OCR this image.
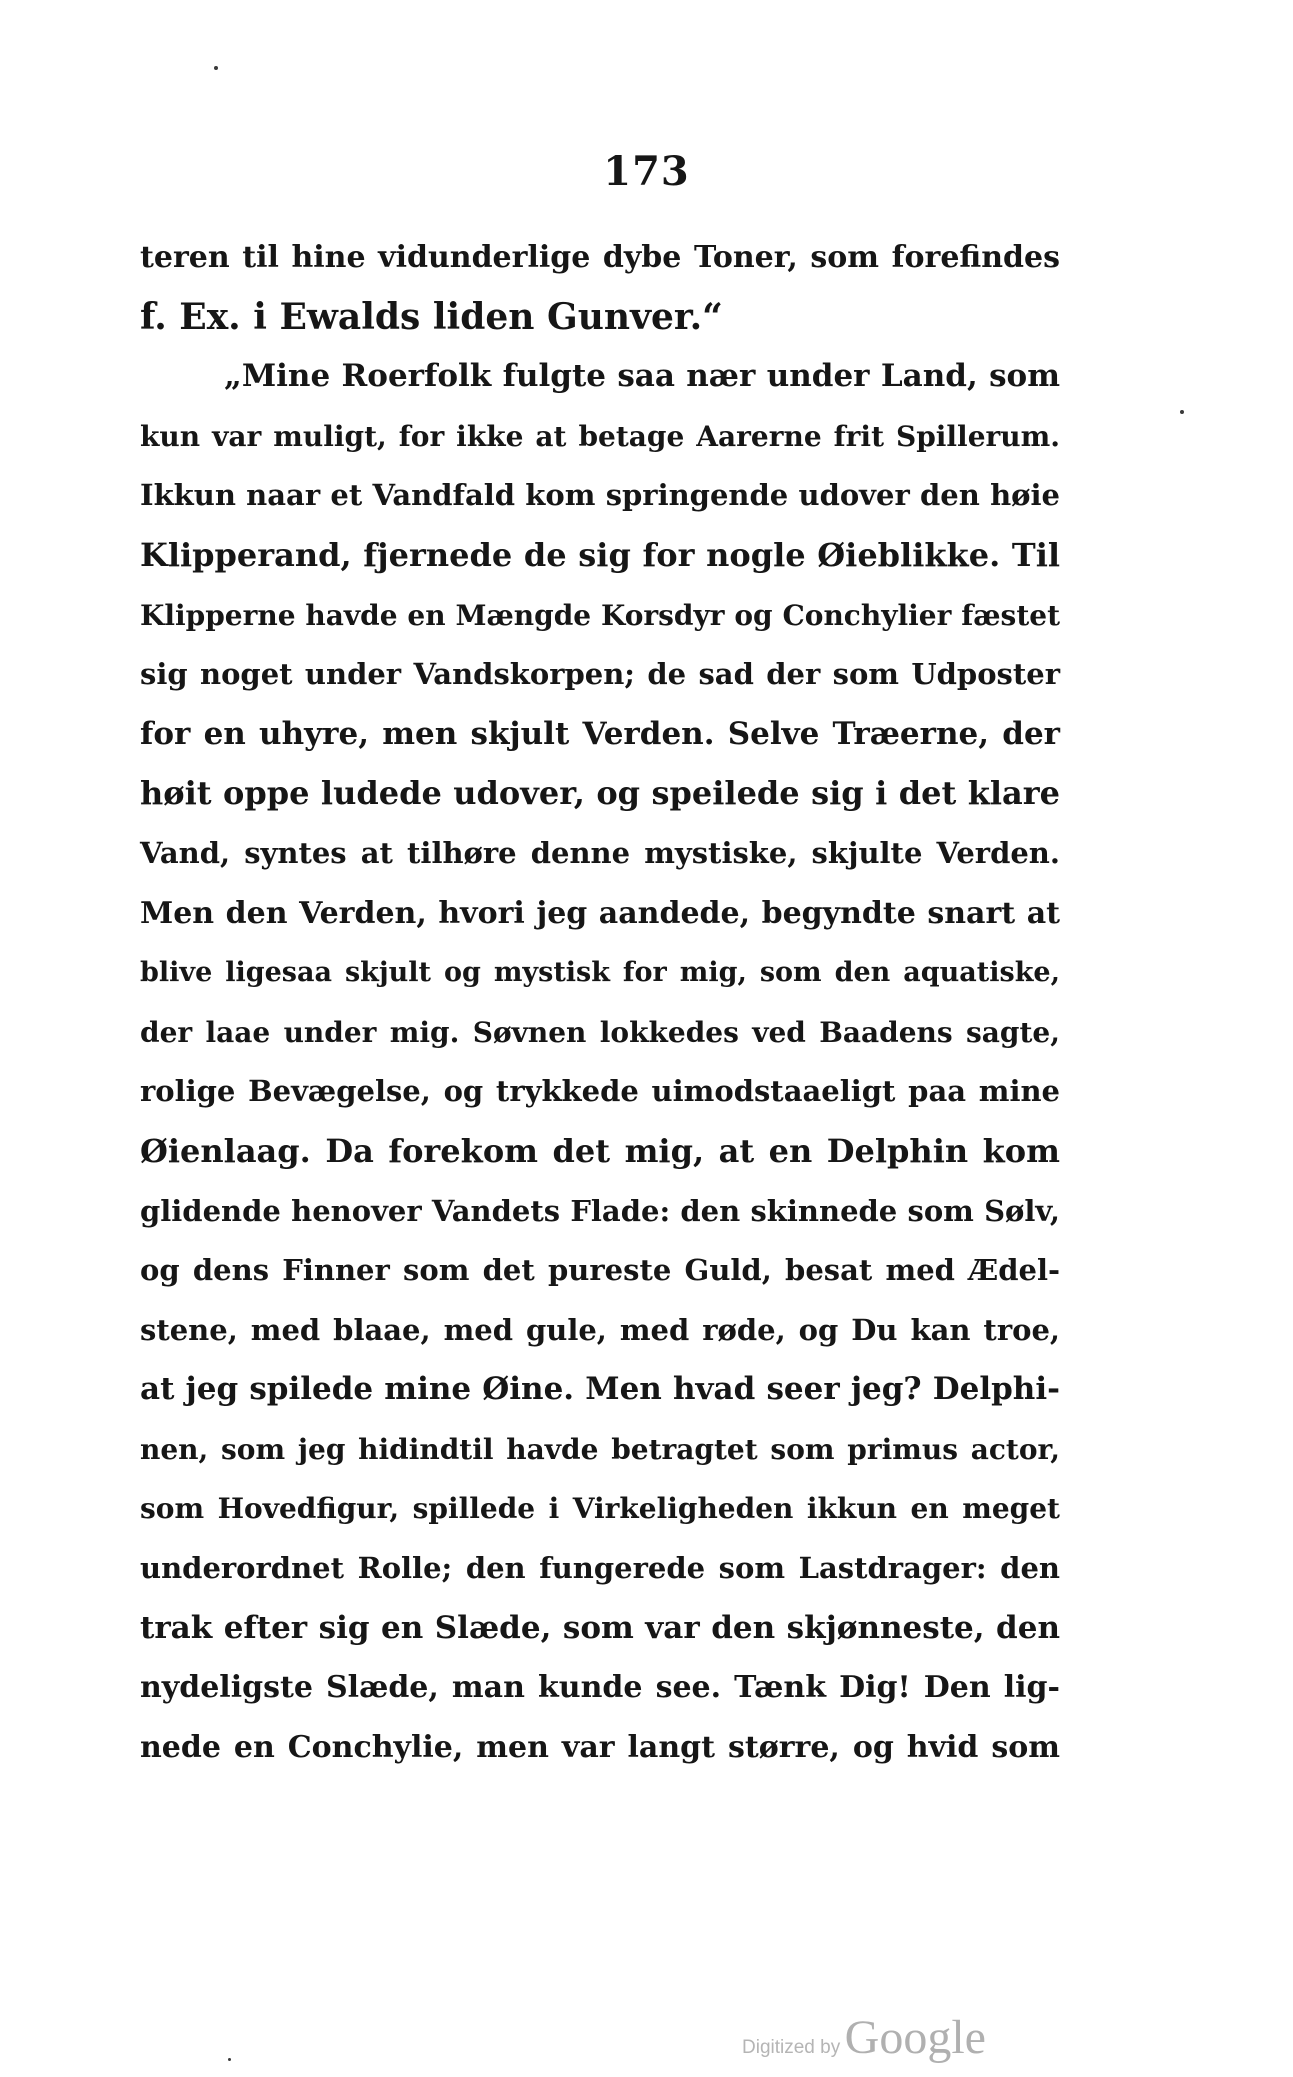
173
teren til hine vidunderlige dybe Toner, som forefindes
f. Ex. i Ewalds liden Gunver.“
„Mine Roerfolk fulgte saa nær under Land, som
kun var muligt, for ikke at betage Aarerne frit Spillerum.
Ikkun naar et Vandfald kom springende udover den høie
Klipperand, fjernede de sig for nogle Øieblikke. Til
Klipperne havde en Mængde Korsdyr og Conchylier fæstet
sig noget under Vandskorpen; de sad der som Udposter
for en uhyre, men skjult Verden. Selve Træerne, der
høit oppe ludede udover, og speilede sig i det klare
Vand, syntes at tilhøre denne mystiske, skjulte Verden.
Men den Verden, hvori jeg aandede, begyndte snart at
blive ligesaa skjult og mystisk for mig, som den aquatiske,
der laae under mig. Søvnen lokkedes ved Baadens sagte,
rolige Bevægelse, og trykkede uimodstaaeligt paa mine
Øienlaag. Da forekom det mig, at en Delphin kom
glidende henover Vandets Flade: den skinnede som Sølv,
og dens Finner som det pureste Guld, besat med Ædel-
stene, med blaae, med gule, med røde, og Du kan troe,
at jeg spilede mine Øine. Men hvad seer jeg? Delphi-
nen, som jeg hidindtil havde betragtet som primus actor,
som Hovedfigur, spillede i Virkeligheden ikkun en meget
underordnet Rolle; den fungerede som Lastdrager: den
trak efter sig en Slæde, som var den skjønneste, den
nydeligste Slæde, man kunde see. Tænk Dig! Den lig-
nede en Conchylie, men var langt større, og hvid som
Digitized by Google
